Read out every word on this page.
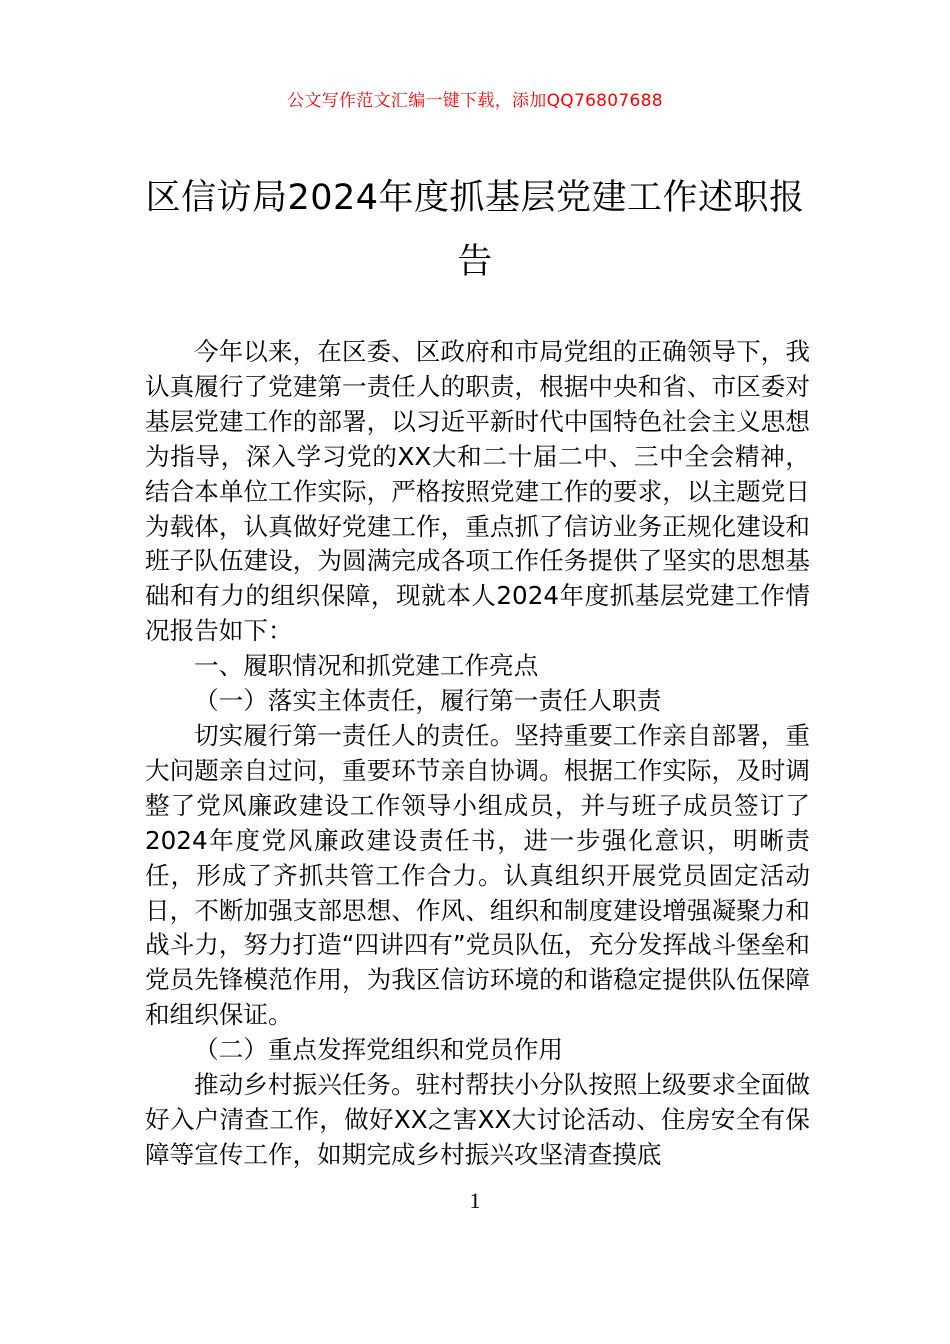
公文写作范文汇编一键下载，添加QQ76807688
区信访局2024年度抓基层党建工作述职报告

今年以来，在区委、区政府和市局党组的正确领导下，我认真履行了党建第一责任人的职责，根据中央和省、市区委对基层党建工作的部署，以习近平新时代中国特色社会主义思想为指导，深入学习党的XX大和二十届二中、三中全会精神，结合本单位工作实际，严格按照党建工作的要求，以主题党日为载体，认真做好党建工作，重点抓了信访业务正规化建设和班子队伍建设，为圆满完成各项工作任务提供了坚实的思想基础和有力的组织保障，现就本人2024年度抓基层党建工作情况报告如下：

一、履职情况和抓党建工作亮点

（一）落实主体责任，履行第一责任人职责

切实履行第一责任人的责任。坚持重要工作亲自部署，重大问题亲自过问，重要环节亲自协调。根据工作实际，及时调整了党风廉政建设工作领导小组成员，并与班子成员签订了2024年度党风廉政建设责任书，进一步强化意识，明晰责任，形成了齐抓共管工作合力。认真组织开展党员固定活动日，不断加强支部思想、作风、组织和制度建设增强凝聚力和战斗力，努力打造“四讲四有”党员队伍，充分发挥战斗堡垒和党员先锋模范作用，为我区信访环境的和谐稳定提供队伍保障和组织保证。

（二）重点发挥党组织和党员作用

推动乡村振兴任务。驻村帮扶小分队按照上级要求全面做好入户清查工作，做好XX之害XX大讨论活动、住房安全有保障等宣传工作，如期完成乡村振兴攻坚清查摸底

1
